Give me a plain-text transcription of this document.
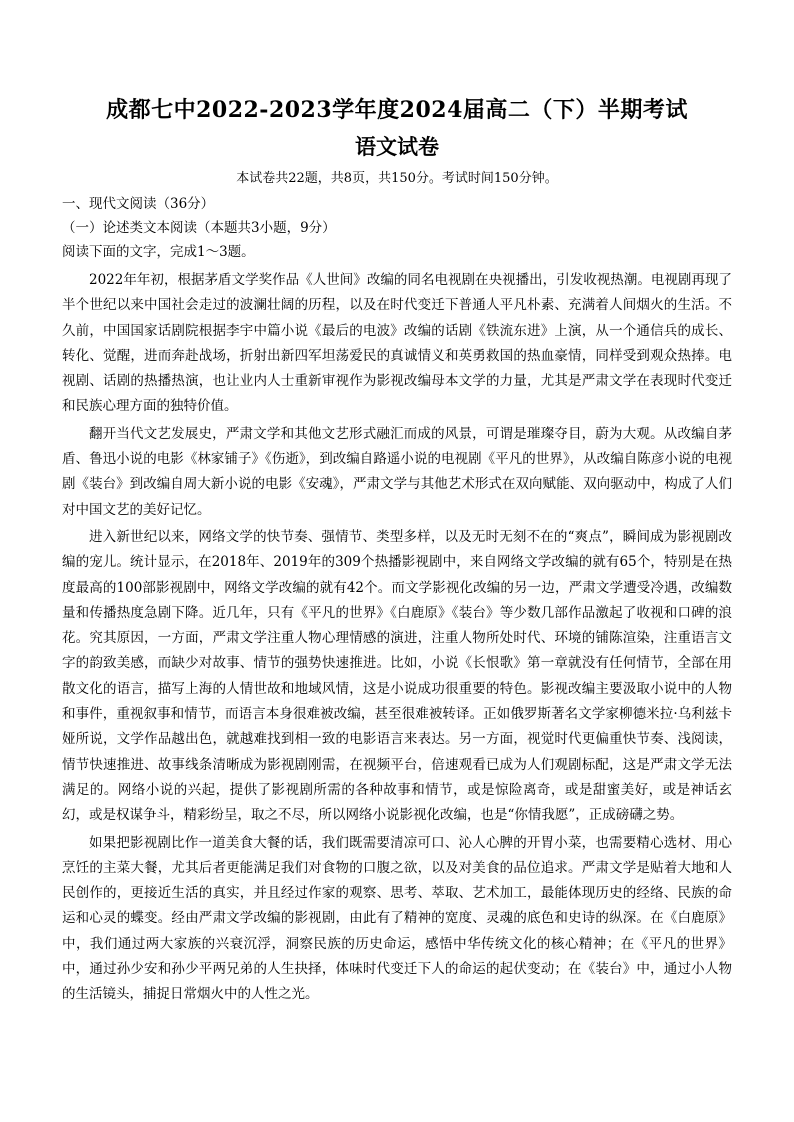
成都七中2022-2023学年度2024届高二（下）半期考试
语文试卷

本试卷共22题，共8页，共150分。考试时间150分钟。

一、现代文阅读（36分）

（一）论述类文本阅读（本题共3小题，9分）

阅读下面的文字，完成1～3题。

2022年年初，根据茅盾文学奖作品《人世间》改编的同名电视剧在央视播出，引发收视热潮。电视剧再现了半个世纪以来中国社会走过的波澜壮阔的历程，以及在时代变迁下普通人平凡朴素、充满着人间烟火的生活。不久前，中国国家话剧院根据李宇中篇小说《最后的电波》改编的话剧《铁流东进》上演，从一个通信兵的成长、转化、觉醒，进而奔赴战场，折射出新四军坦荡爱民的真诚情义和英勇救国的热血豪情，同样受到观众热捧。电视剧、话剧的热播热演，也让业内人士重新审视作为影视改编母本文学的力量，尤其是严肃文学在表现时代变迁和民族心理方面的独特价值。

翻开当代文艺发展史，严肃文学和其他文艺形式融汇而成的风景，可谓是璀璨夺目，蔚为大观。从改编自茅盾、鲁迅小说的电影《林家铺子》《伤逝》，到改编自路遥小说的电视剧《平凡的世界》，从改编自陈彦小说的电视剧《装台》到改编自周大新小说的电影《安魂》，严肃文学与其他艺术形式在双向赋能、双向驱动中，构成了人们对中国文艺的美好记忆。

进入新世纪以来，网络文学的快节奏、强情节、类型多样，以及无时无刻不在的“爽点”，瞬间成为影视剧改编的宠儿。统计显示，在2018年、2019年的309个热播影视剧中，来自网络文学改编的就有65个，特别是在热度最高的100部影视剧中，网络文学改编的就有42个。而文学影视化改编的另一边，严肃文学遭受冷遇，改编数量和传播热度急剧下降。近几年，只有《平凡的世界》《白鹿原》《装台》等少数几部作品激起了收视和口碑的浪花。究其原因，一方面，严肃文学注重人物心理情感的演进，注重人物所处时代、环境的铺陈渲染，注重语言文字的韵致美感，而缺少对故事、情节的强势快速推进。比如，小说《长恨歌》第一章就没有任何情节，全部在用散文化的语言，描写上海的人情世故和地域风情，这是小说成功很重要的特色。影视改编主要汲取小说中的人物和事件，重视叙事和情节，而语言本身很难被改编，甚至很难被转译。正如俄罗斯著名文学家柳德米拉·乌利兹卡娅所说，文学作品越出色，就越难找到相一致的电影语言来表达。另一方面，视觉时代更偏重快节奏、浅阅读，情节快速推进、故事线条清晰成为影视剧刚需，在视频平台，倍速观看已成为人们观剧标配，这是严肃文学无法满足的。网络小说的兴起，提供了影视剧所需的各种故事和情节，或是惊险离奇，或是甜蜜美好，或是神话玄幻，或是权谋争斗，精彩纷呈，取之不尽，所以网络小说影视化改编，也是“你情我愿”，正成磅礴之势。

如果把影视剧比作一道美食大餐的话，我们既需要清凉可口、沁人心脾的开胃小菜，也需要精心选材、用心烹饪的主菜大餐，尤其后者更能满足我们对食物的口腹之欲，以及对美食的品位追求。严肃文学是贴着大地和人民创作的，更接近生活的真实，并且经过作家的观察、思考、萃取、艺术加工，最能体现历史的经络、民族的命运和心灵的蝶变。经由严肃文学改编的影视剧，由此有了精神的宽度、灵魂的底色和史诗的纵深。在《白鹿原》中，我们通过两大家族的兴衰沉浮，洞察民族的历史命运，感悟中华传统文化的核心精神；在《平凡的世界》中，通过孙少安和孙少平两兄弟的人生抉择，体味时代变迁下人的命运的起伏变动；在《装台》中，通过小人物的生活镜头，捕捉日常烟火中的人性之光。
